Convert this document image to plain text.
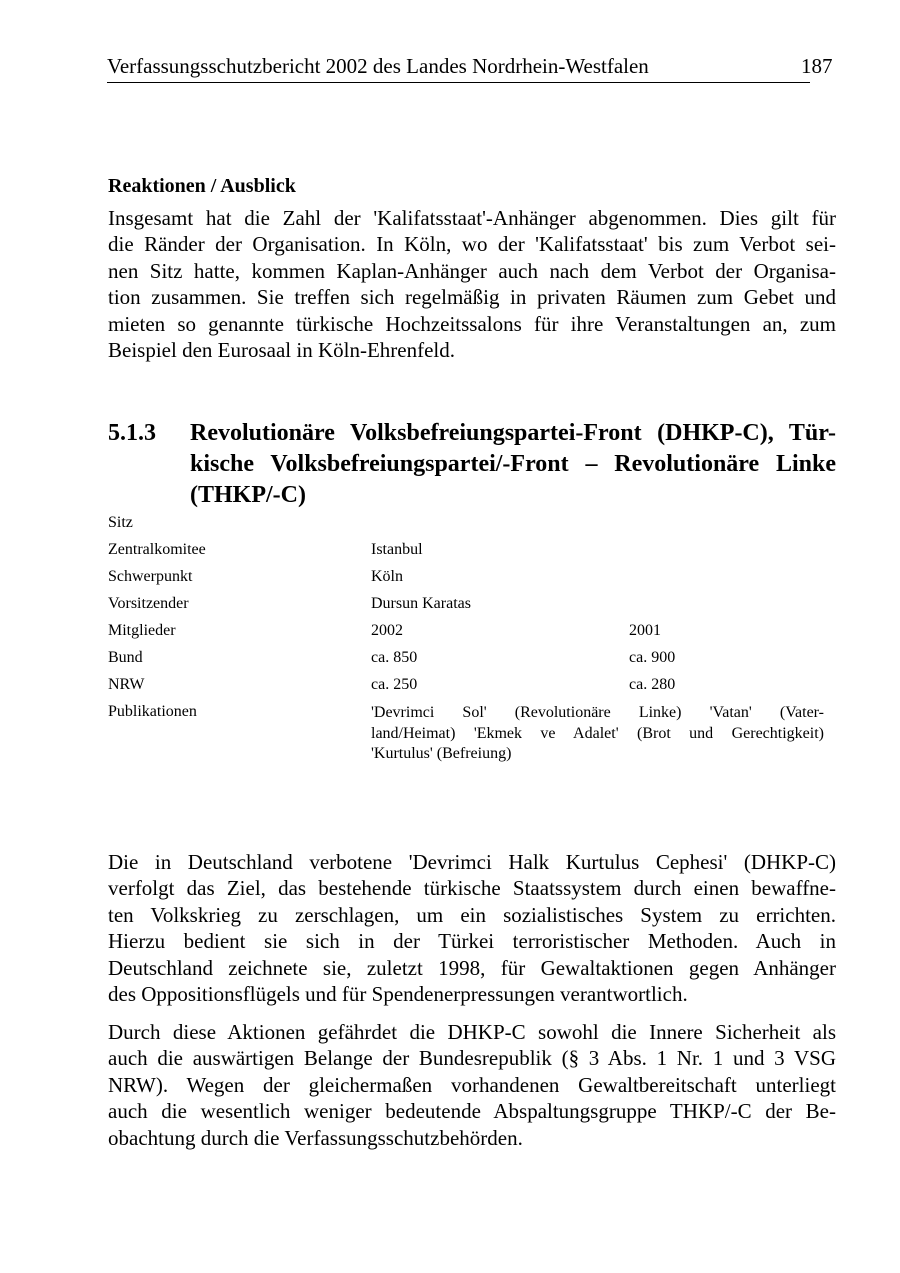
Verfassungsschutzbericht 2002 des Landes Nordrhein-Westfalen	187
Reaktionen / Ausblick

Insgesamt hat die Zahl der 'Kalifatsstaat'-Anhänger abgenommen. Dies gilt für
die Ränder der Organisation. In Köln, wo der 'Kalifatsstaat' bis zum Verbot sei-
nen Sitz hatte, kommen Kaplan-Anhänger auch nach dem Verbot der Organisa-
tion zusammen. Sie treffen sich regelmäßig in privaten Räumen zum Gebet und
mieten so genannte türkische Hochzeitssalons für ihre Veranstaltungen an, zum
Beispiel den Eurosaal in Köln-Ehrenfeld.

5.1.3 Revolutionäre Volksbefreiungspartei-Front (DHKP-C), Tür-
kische Volksbefreiungspartei/-Front – Revolutionäre Linke
(THKP/-C)
Sitz
Zentralkomitee	Istanbul
Schwerpunkt	Köln
Vorsitzender	Dursun Karatas
Mitglieder	2002	2001
Bund	ca. 850	ca. 900
NRW	ca. 250	ca. 280
Publikationen	'Devrimci Sol' (Revolutionäre Linke) 'Vatan' (Vater-
land/Heimat) 'Ekmek ve Adalet' (Brot und Gerechtigkeit)
'Kurtulus' (Befreiung)

Die in Deutschland verbotene 'Devrimci Halk Kurtulus Cephesi' (DHKP-C)
verfolgt das Ziel, das bestehende türkische Staatssystem durch einen bewaffne-
ten Volkskrieg zu zerschlagen, um ein sozialistisches System zu errichten.
Hierzu bedient sie sich in der Türkei terroristischer Methoden. Auch in
Deutschland zeichnete sie, zuletzt 1998, für Gewaltaktionen gegen Anhänger
des Oppositionsflügels und für Spendenerpressungen verantwortlich.

Durch diese Aktionen gefährdet die DHKP-C sowohl die Innere Sicherheit als
auch die auswärtigen Belange der Bundesrepublik (§ 3 Abs. 1 Nr. 1 und 3 VSG
NRW). Wegen der gleichermaßen vorhandenen Gewaltbereitschaft unterliegt
auch die wesentlich weniger bedeutende Abspaltungsgruppe THKP/-C der Be-
obachtung durch die Verfassungsschutzbehörden.
